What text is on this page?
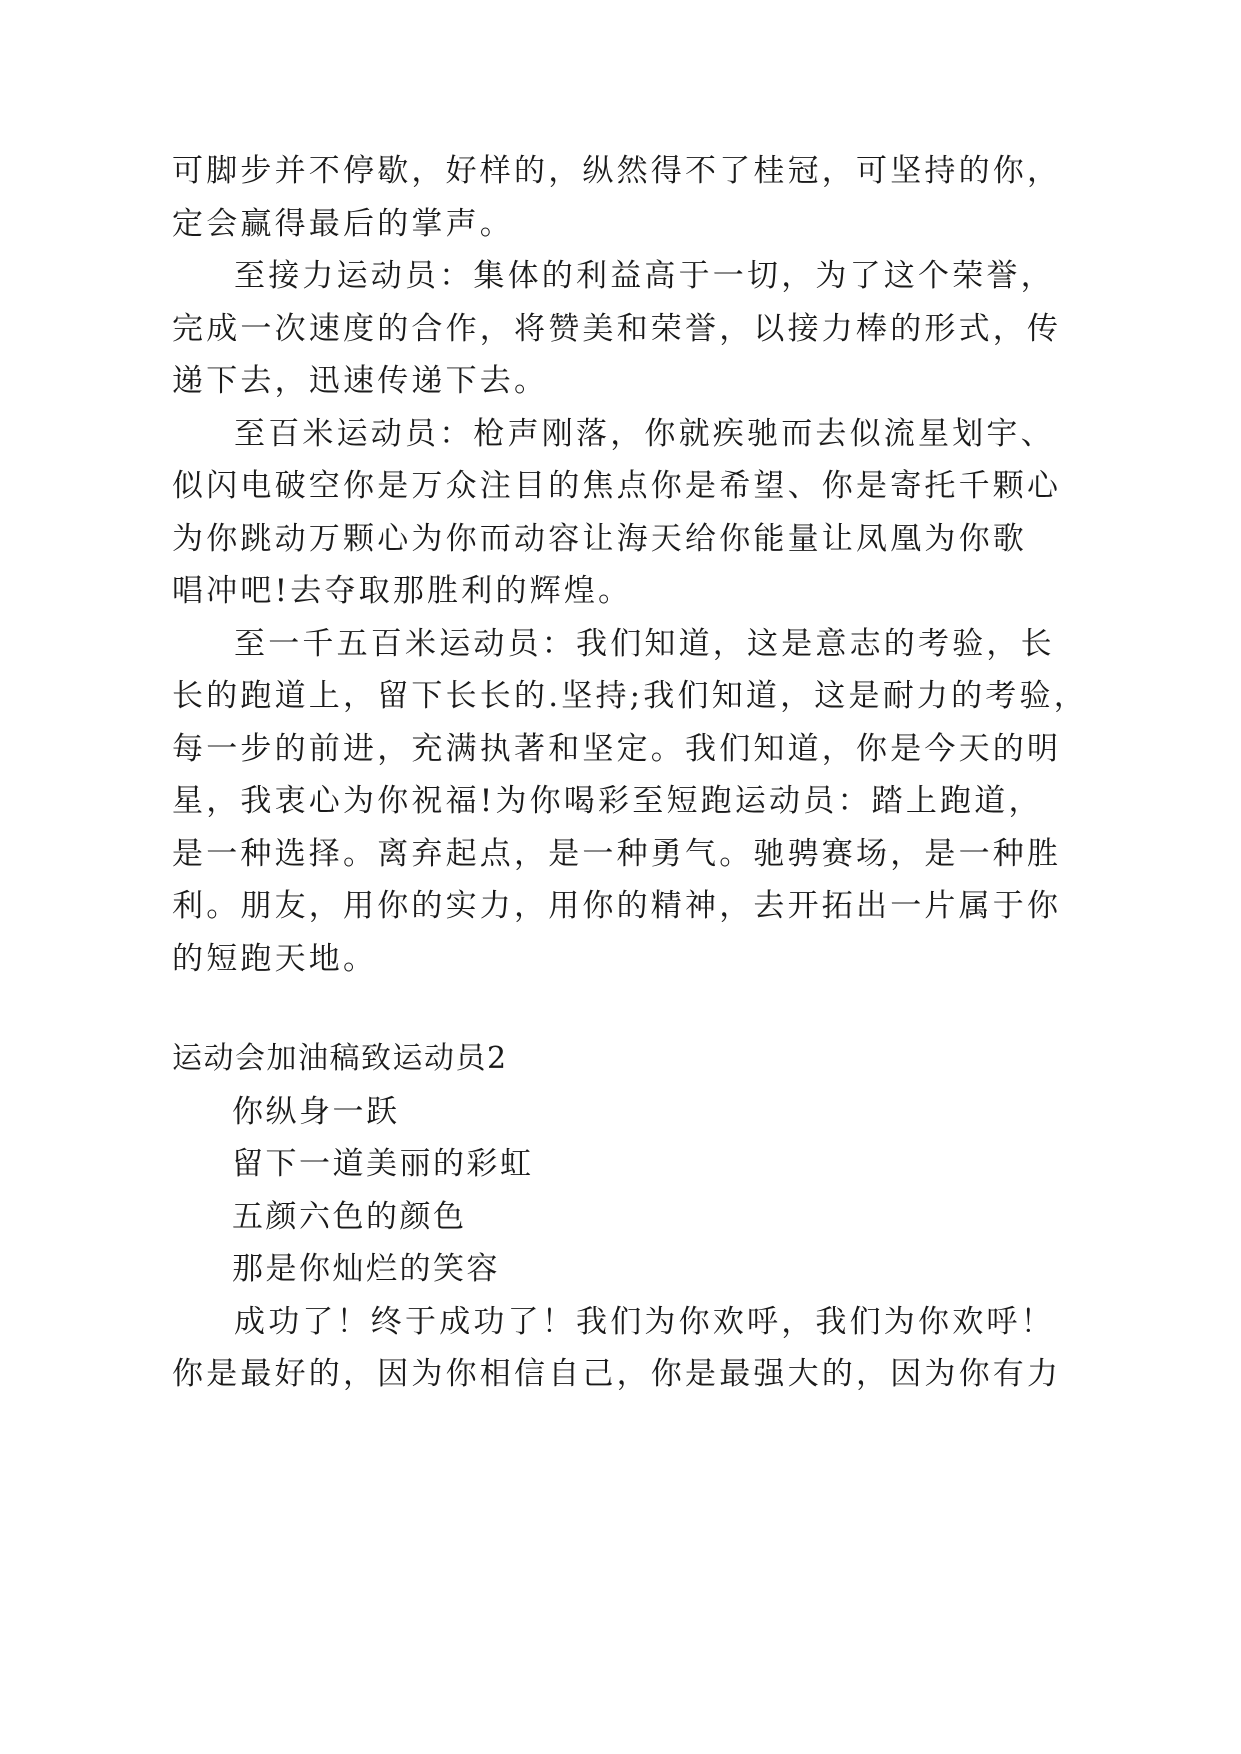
可脚步并不停歇，好样的，纵然得不了桂冠，可坚持的你，
定会赢得最后的掌声。
至接力运动员：集体的利益高于一切，为了这个荣誉，
完成一次速度的合作，将赞美和荣誉，以接力棒的形式，传
递下去，迅速传递下去。
至百米运动员：枪声刚落，你就疾驰而去似流星划宇、
似闪电破空你是万众注目的焦点你是希望、你是寄托千颗心
为你跳动万颗心为你而动容让海天给你能量让凤凰为你歌
唱冲吧!去夺取那胜利的辉煌。
至一千五百米运动员：我们知道，这是意志的考验，长
长的跑道上，留下长长的.坚持;我们知道，这是耐力的考验，
每一步的前进，充满执著和坚定。我们知道，你是今天的明
星，我衷心为你祝福!为你喝彩至短跑运动员：踏上跑道，
是一种选择。离弃起点，是一种勇气。驰骋赛场，是一种胜
利。朋友，用你的实力，用你的精神，去开拓出一片属于你
的短跑天地。
运动会加油稿致运动员2
你纵身一跃
留下一道美丽的彩虹
五颜六色的颜色
那是你灿烂的笑容
成功了！终于成功了！我们为你欢呼，我们为你欢呼！
你是最好的，因为你相信自己，你是最强大的，因为你有力
